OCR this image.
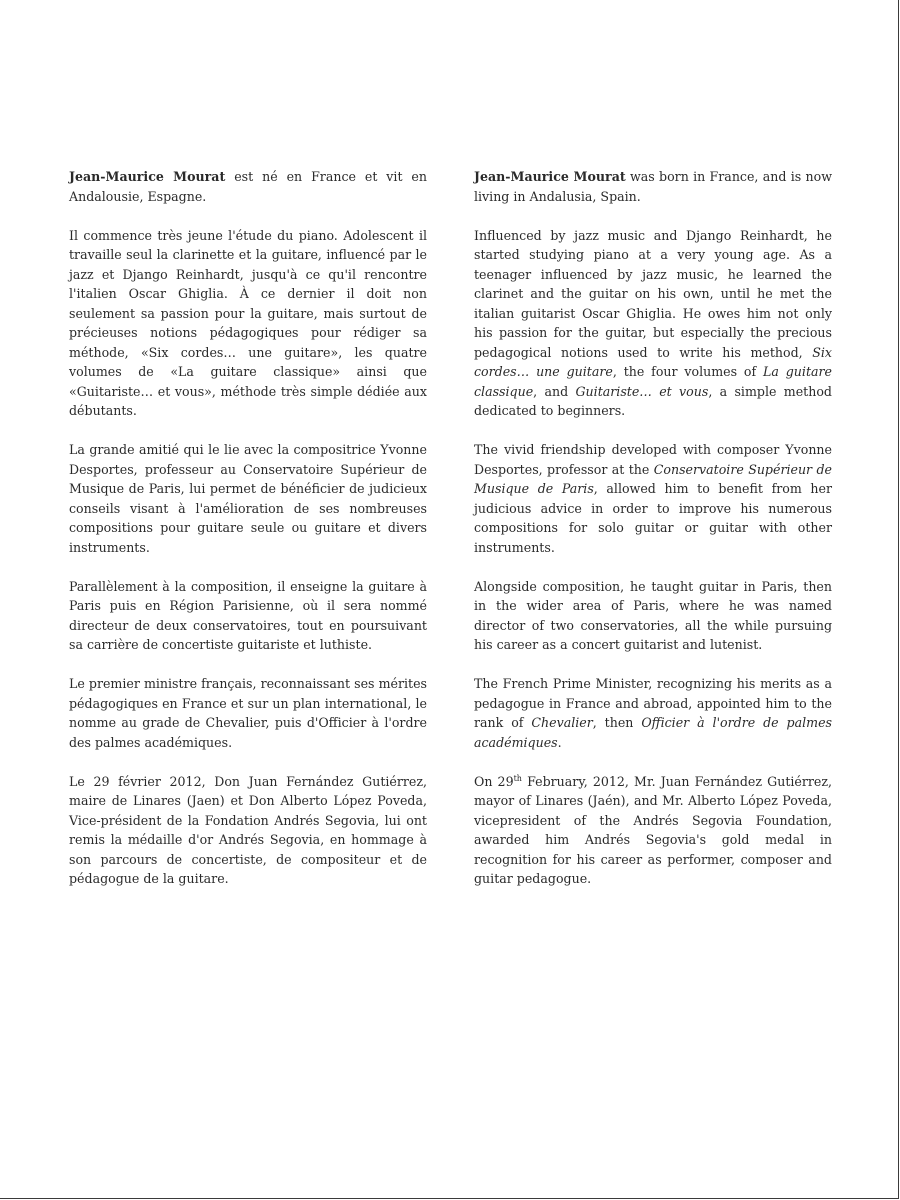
Jean-Maurice Mourat est né en France et vit en Andalousie, Espagne.

Il commence très jeune l'étude du piano. Adolescent il travaille seul la clarinette et la guitare, influencé par le jazz et Django Reinhardt, jusqu'à ce qu'il rencontre l'italien Oscar Ghiglia. À ce dernier il doit non seulement sa passion pour la guitare, mais surtout de précieuses notions pédagogiques pour rédiger sa méthode, «Six cordes… une guitare», les quatre volumes de «La guitare classique» ainsi que «Guitariste… et vous», méthode très simple dédiée aux débutants.

La grande amitié qui le lie avec la compositrice Yvonne Desportes, professeur au Conservatoire Supérieur de Musique de Paris, lui permet de bénéficier de judicieux conseils visant à l'amélioration de ses nombreuses compositions pour guitare seule ou guitare et divers instruments.

Parallèlement à la composition, il enseigne la guitare à Paris puis en Région Parisienne, où il sera nommé directeur de deux conservatoires, tout en poursuivant sa carrière de concertiste guitariste et luthiste.

Le premier ministre français, reconnaissant ses mérites pédagogiques en France et sur un plan international, le nomme au grade de Chevalier, puis d'Officier à l'ordre des palmes académiques.

Le 29 février 2012, Don Juan Fernández Gutiérrez, maire de Linares (Jaen) et Don Alberto López Poveda, Vice-président de la Fondation Andrés Segovia, lui ont remis la médaille d'or Andrés Segovia, en hommage à son parcours de concertiste, de compositeur et de pédagogue de la guitare.

Jean-Maurice Mourat was born in France, and is now living in Andalusia, Spain.

Influenced by jazz music and Django Reinhardt, he started studying piano at a very young age. As a teenager influenced by jazz music, he learned the clarinet and the guitar on his own, until he met the italian guitarist Oscar Ghiglia. He owes him not only his passion for the guitar, but especially the precious pedagogical notions used to write his method, Six cordes… une guitare, the four volumes of La guitare classique, and Guitariste… et vous, a simple method dedicated to beginners.

The vivid friendship developed with composer Yvonne Desportes, professor at the Conservatoire Supérieur de Musique de Paris, allowed him to benefit from her judicious advice in order to improve his numerous compositions for solo guitar or guitar with other instruments.

Alongside composition, he taught guitar in Paris, then in the wider area of Paris, where he was named director of two conservatories, all the while pursuing his career as a concert guitarist and lutenist.

The French Prime Minister, recognizing his merits as a pedagogue in France and abroad, appointed him to the rank of Chevalier, then Officier à l'ordre de palmes académiques.

On 29th February, 2012, Mr. Juan Fernández Gutiérrez, mayor of Linares (Jaén), and Mr. Alberto López Poveda, vicepresident of the Andrés Segovia Foundation, awarded him Andrés Segovia's gold medal in recognition for his career as performer, composer and guitar pedagogue.
